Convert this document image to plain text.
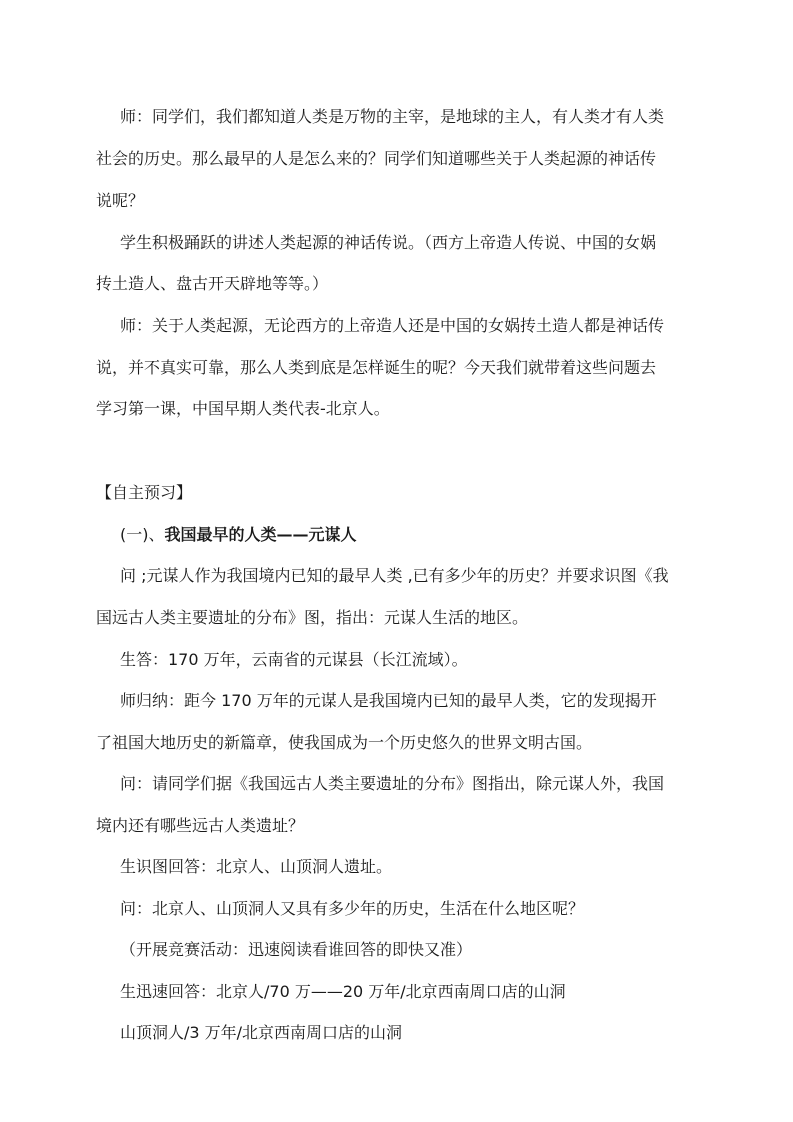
师：同学们，我们都知道人类是万物的主宰，是地球的主人，有人类才有人类
社会的历史。那么最早的人是怎么来的？同学们知道哪些关于人类起源的神话传
说呢？
学生积极踊跃的讲述人类起源的神话传说。（西方上帝造人传说、中国的女娲
抟土造人、盘古开天辟地等等。）
师：关于人类起源，无论西方的上帝造人还是中国的女娲抟土造人都是神话传
说，并不真实可靠，那么人类到底是怎样诞生的呢？今天我们就带着这些问题去
学习第一课，中国早期人类代表-北京人。
【自主预习】
(一)、我国最早的人类——元谋人
问 ;元谋人作为我国境内已知的最早人类 ,已有多少年的历史？并要求识图《我
国远古人类主要遗址的分布》图，指出：元谋人生活的地区。
生答：170 万年，云南省的元谋县（长江流域）。
师归纳：距今 170 万年的元谋人是我国境内已知的最早人类，它的发现揭开
了祖国大地历史的新篇章，使我国成为一个历史悠久的世界文明古国。
问：请同学们据《我国远古人类主要遗址的分布》图指出，除元谋人外，我国
境内还有哪些远古人类遗址？
生识图回答：北京人、山顶洞人遗址。
问：北京人、山顶洞人又具有多少年的历史，生活在什么地区呢？
（开展竞赛活动：迅速阅读看谁回答的即快又准）
生迅速回答：北京人/70 万——20 万年/北京西南周口店的山洞
山顶洞人/3 万年/北京西南周口店的山洞
